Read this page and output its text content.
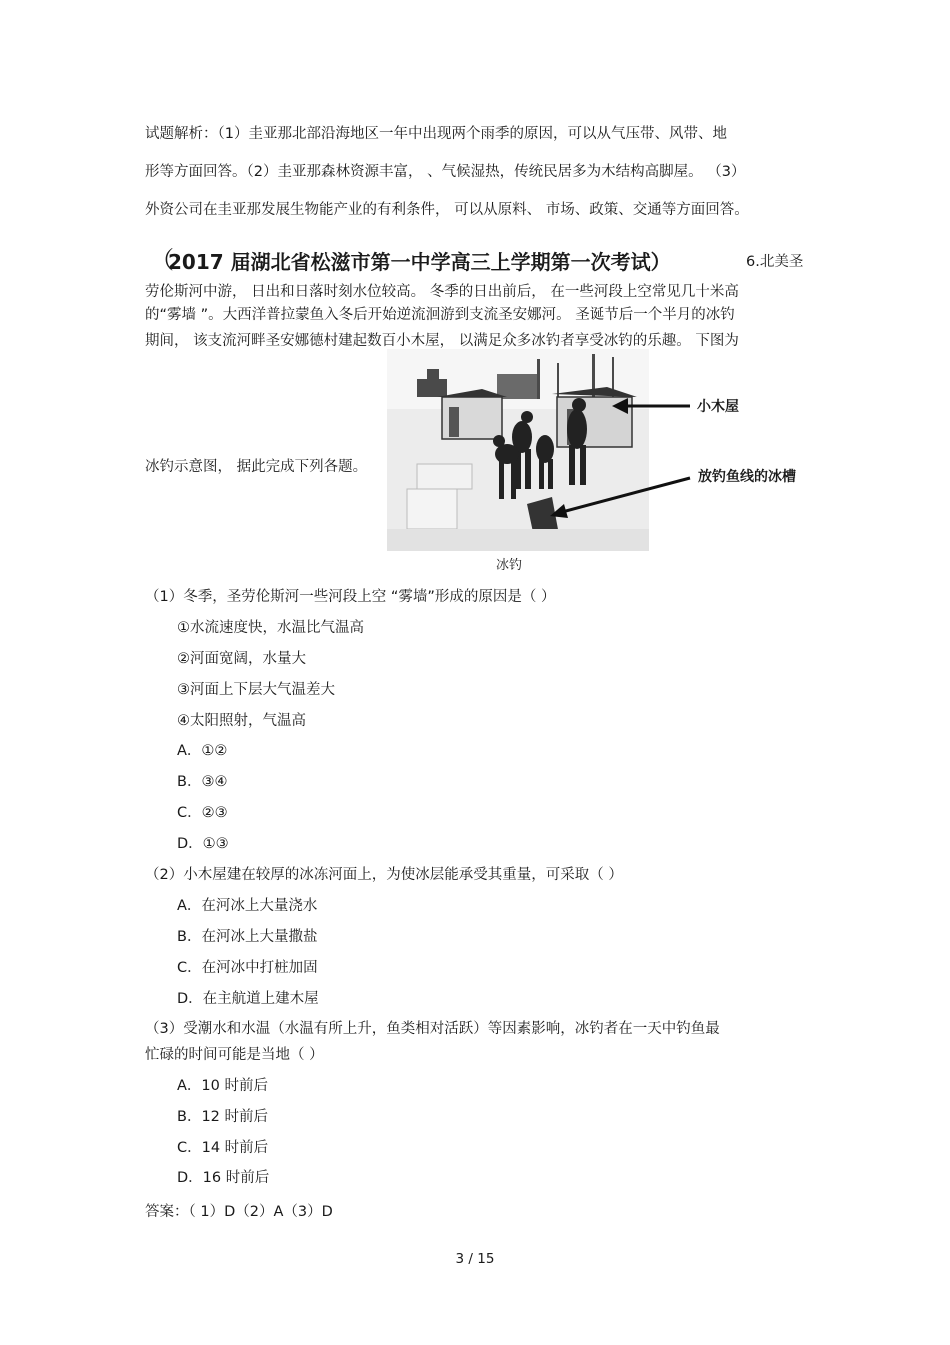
试题解析：（1）圭亚那北部沿海地区一年中出现两个雨季的原因，可以从气压带、风带、地
形等方面回答。（2）圭亚那森林资源丰富， 、气候湿热，传统民居多为木结构高脚屋。 （3）
外资公司在圭亚那发展生物能产业的有利条件， 可以从原料、 市场、政策、交通等方面回答。
（
2017 届湖北省松滋市第一中学高三上学期第一次考试）	6.北美圣
劳伦斯河中游， 日出和日落时刻水位较高。 冬季的日出前后， 在一些河段上空常见几十米高
的“雾墙 ”。大西洋普拉蒙鱼入冬后开始逆流洄游到支流圣安娜河。 圣诞节后一个半月的冰钓
期间， 该支流河畔圣安娜德村建起数百小木屋， 以满足众多冰钓者享受冰钓的乐趣。 下图为
冰钓示意图， 据此完成下列各题。
小木屋
放钓鱼线的冰槽
冰钓
（1）冬季，圣劳伦斯河一些河段上空 “雾墙”形成的原因是（ ）
①水流速度快，水温比气温高
②河面宽阔，水量大
③河面上下层大气温差大
④太阳照射，气温高
A．①②
B．③④
C．②③
D．①③
（2）小木屋建在较厚的冰冻河面上，为使冰层能承受其重量，可采取（ ）
A．在河冰上大量浇水
B．在河冰上大量撒盐
C．在河冰中打桩加固
D．在主航道上建木屋
（3）受潮水和水温（水温有所上升，鱼类相对活跃）等因素影响，冰钓者在一天中钓鱼最
忙碌的时间可能是当地（ ）
A．10 时前后
B．12 时前后
C．14 时前后
D．16 时前后
答案：（ 1）D（2）A（3）D
3 / 15
